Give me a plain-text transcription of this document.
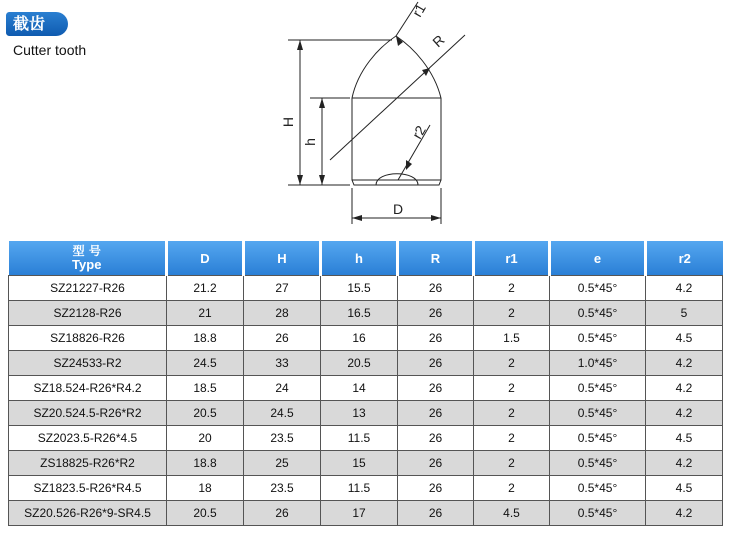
截齿
Cutter tooth
H
h
D
R
r1
r2
型 号
Type	D	H	h	R	r1	e	r2
SZ21227-R26	21.2	27	15.5	26	2	0.5*45°	4.2
SZ2128-R26	21	28	16.5	26	2	0.5*45°	5
SZ18826-R26	18.8	26	16	26	1.5	0.5*45°	4.5
SZ24533-R2	24.5	33	20.5	26	2	1.0*45°	4.2
SZ18.524-R26*R4.2	18.5	24	14	26	2	0.5*45°	4.2
SZ20.524.5-R26*R2	20.5	24.5	13	26	2	0.5*45°	4.2
SZ2023.5-R26*4.5	20	23.5	11.5	26	2	0.5*45°	4.5
ZS18825-R26*R2	18.8	25	15	26	2	0.5*45°	4.2
SZ1823.5-R26*R4.5	18	23.5	11.5	26	2	0.5*45°	4.5
SZ20.526-R26*9-SR4.5	20.5	26	17	26	4.5	0.5*45°	4.2
